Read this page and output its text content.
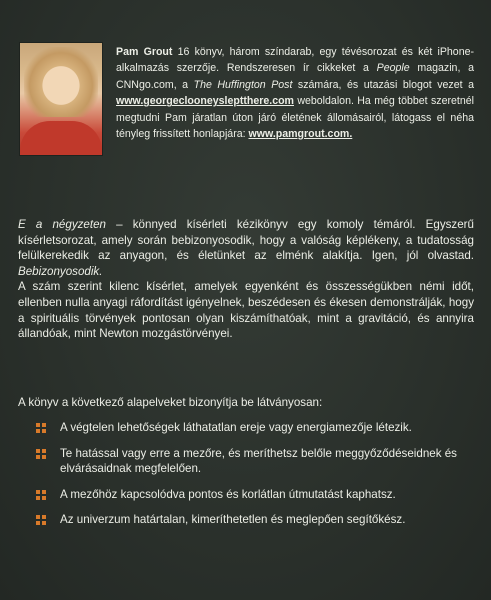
Pam Grout 16 könyv, három színdarab, egy tévésorozat és két iPhone-alkalmazás szerzője. Rendszeresen ír cikkeket a People magazin, a CNNgo.com, a The Huffington Post számára, és utazási blogot vezet a www.georgeclooneysleptthere.com weboldalon. Ha még többet szeretnél megtudni Pam járatlan úton járó életének állomásairól, látogass el néha tényleg frissített honlapjára: www.pamgrout.com.

E a négyzeten – könnyed kísérleti kézikönyv egy komoly témáról. Egyszerű kísérletsorozat, amely során bebizonyosodik, hogy a valóság képlékeny, a tudatosság felülkerekedik az anyagon, és életünket az elménk alakítja. Igen, jól olvastad. Bebizonyosodik.

A szám szerint kilenc kísérlet, amelyek egyenként és összességükben némi időt, ellenben nulla anyagi ráfordítást igényelnek, beszédesen és ékesen demonstrálják, hogy a spirituális törvények pontosan olyan kiszámíthatóak, mint a gravitáció, és annyira állandóak, mint Newton mozgástörvényei.

A könyv a következő alapelveket bizonyítja be látványosan:
A végtelen lehetőségek láthatatlan ereje vagy energiamezője létezik.
Te hatással vagy erre a mezőre, és meríthetsz belőle meggyőződéseidnek és elvárásaidnak megfelelően.
A mezőhöz kapcsolódva pontos és korlátlan útmutatást kaphatsz.
Az univerzum határtalan, kimeríthetetlen és meglepően segítőkész.
